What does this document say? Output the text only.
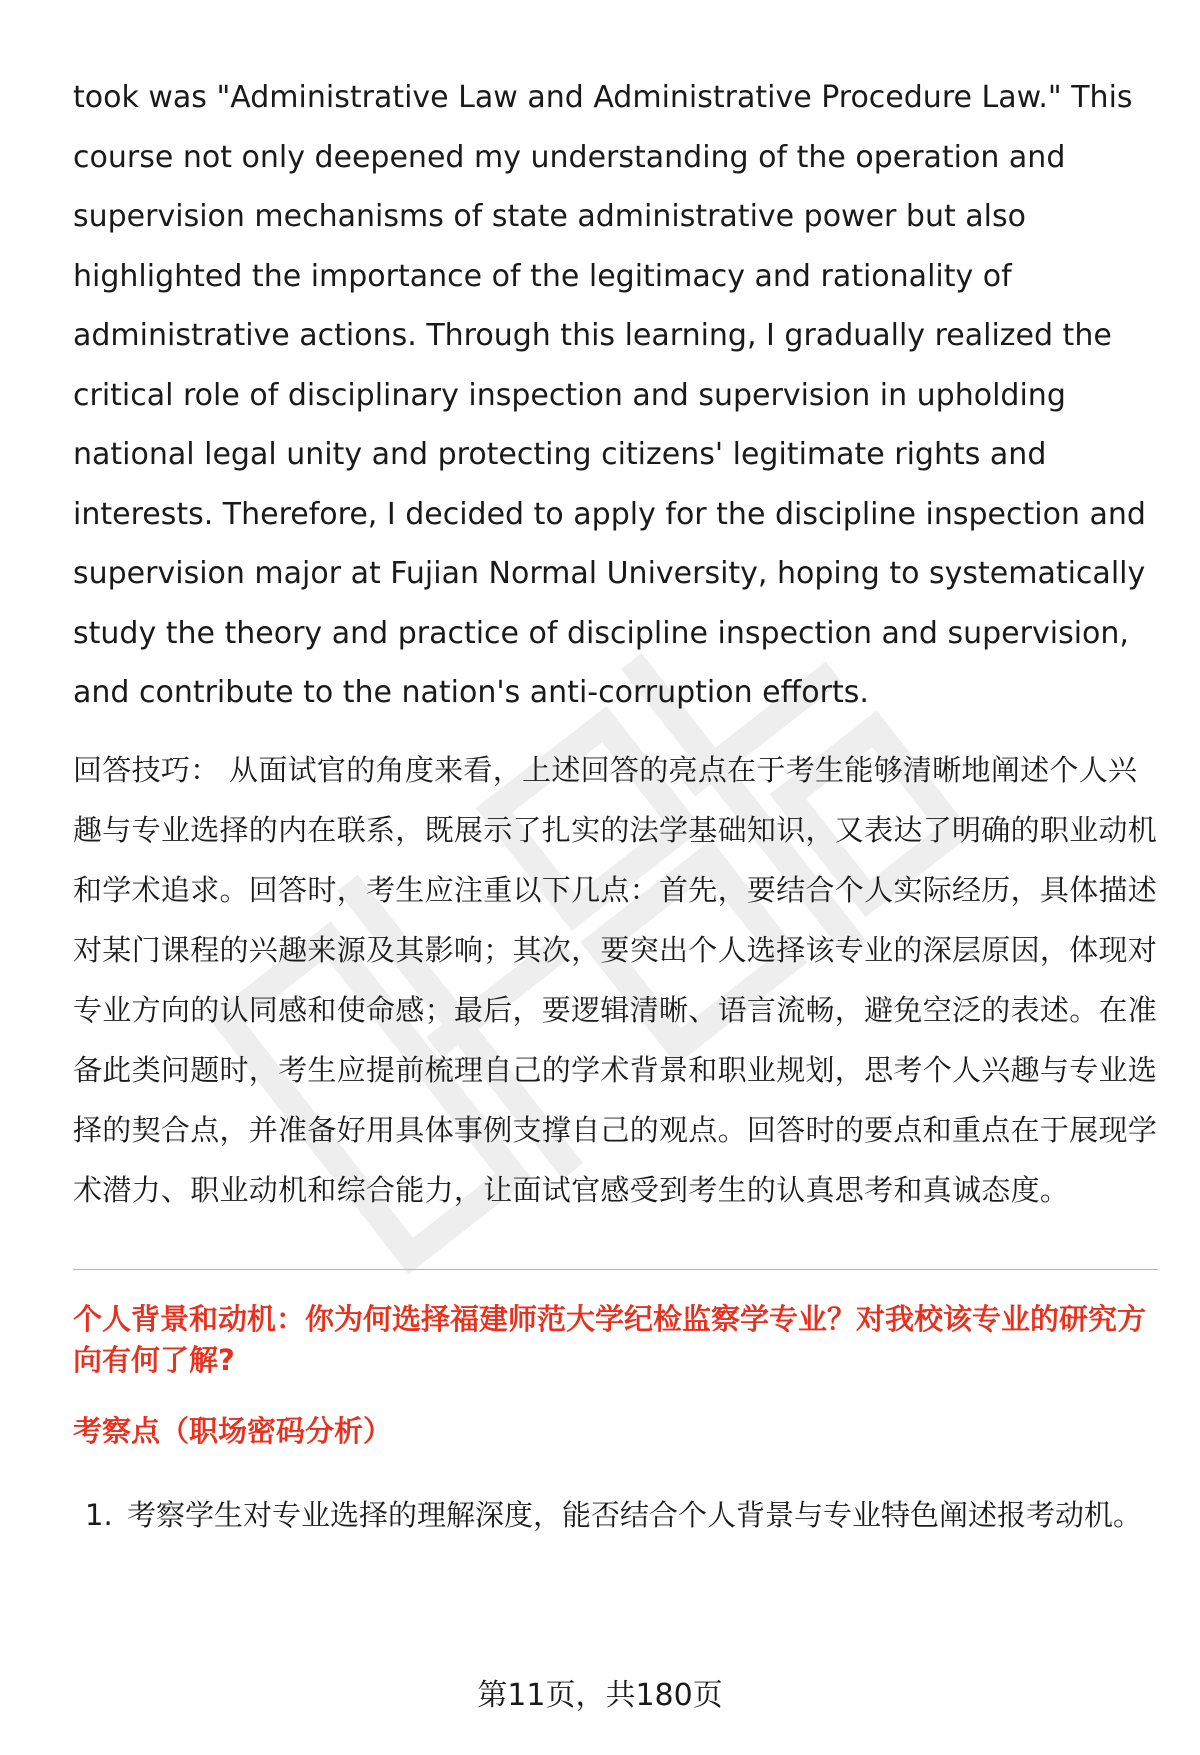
took was "Administrative Law and Administrative Procedure Law." This course not only deepened my understanding of the operation and supervision mechanisms of state administrative power but also highlighted the importance of the legitimacy and rationality of administrative actions. Through this learning, I gradually realized the critical role of disciplinary inspection and supervision in upholding national legal unity and protecting citizens' legitimate rights and interests. Therefore, I decided to apply for the discipline inspection and supervision major at Fujian Normal University, hoping to systematically study the theory and practice of discipline inspection and supervision, and contribute to the nation's anti-corruption efforts.

回答技巧： 从面试官的角度来看，上述回答的亮点在于考生能够清晰地阐述个人兴趣与专业选择的内在联系，既展示了扎实的法学基础知识，又表达了明确的职业动机和学术追求。回答时，考生应注重以下几点：首先，要结合个人实际经历，具体描述对某门课程的兴趣来源及其影响；其次，要突出个人选择该专业的深层原因，体现对专业方向的认同感和使命感；最后，要逻辑清晰、语言流畅，避免空泛的表述。在准备此类问题时，考生应提前梳理自己的学术背景和职业规划，思考个人兴趣与专业选择的契合点，并准备好用具体事例支撑自己的观点。回答时的要点和重点在于展现学术潜力、职业动机和综合能力，让面试官感受到考生的认真思考和真诚态度。

个人背景和动机：你为何选择福建师范大学纪检监察学专业？对我校该专业的研究方向有何了解?
考察点（职场密码分析）
1. 考察学生对专业选择的理解深度，能否结合个人背景与专业特色阐述报考动机。
第11页，共180页
